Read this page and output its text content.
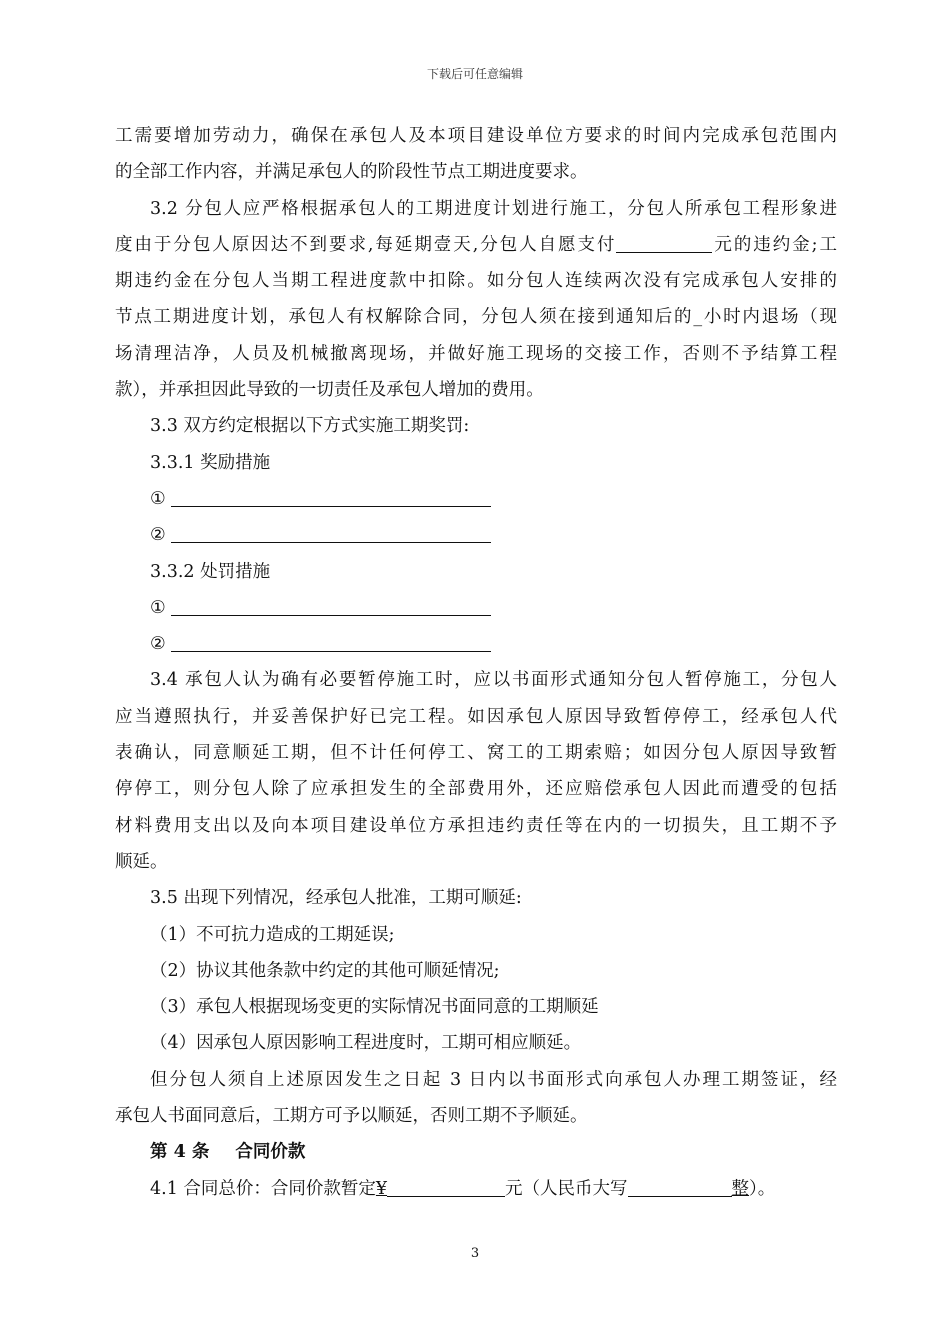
下载后可任意编辑
工需要增加劳动力，确保在承包人及本项目建设单位方要求的时间内完成承包范围内
的全部工作内容，并满足承包人的阶段性节点工期进度要求。
3.2 分包人应严格根据承包人的工期进度计划进行施工，分包人所承包工程形象进
度由于分包人原因达不到要求,每延期壹天,分包人自愿支付	元的违约金;工
期违约金在分包人当期工程进度款中扣除。如分包人连续两次没有完成承包人安排的
节点工期进度计划，承包人有权解除合同，分包人须在接到通知后的_小时内退场（现
场清理洁净，人员及机械撤离现场，并做好施工现场的交接工作，否则不予结算工程
款），并承担因此导致的一切责任及承包人增加的费用。
3.3 双方约定根据以下方式实施工期奖罚:
3.3.1 奖励措施
①
②
3.3.2 处罚措施
①
②
3.4 承包人认为确有必要暂停施工时，应以书面形式通知分包人暂停施工，分包人
应当遵照执行，并妥善保护好已完工程。如因承包人原因导致暂停停工，经承包人代
表确认，同意顺延工期，但不计任何停工、窝工的工期索赔；如因分包人原因导致暂
停停工，则分包人除了应承担发生的全部费用外，还应赔偿承包人因此而遭受的包括
材料费用支出以及向本项目建设单位方承担违约责任等在内的一切损失，且工期不予
顺延。
3.5 出现下列情况，经承包人批准，工期可顺延:
（1）不可抗力造成的工期延误;
（2）协议其他条款中约定的其他可顺延情况;
（3）承包人根据现场变更的实际情况书面同意的工期顺延
（4）因承包人原因影响工程进度时，工期可相应顺延。
但分包人须自上述原因发生之日起 3 日内以书面形式向承包人办理工期签证，经
承包人书面同意后，工期方可予以顺延，否则工期不予顺延。
第 4 条 合同价款
4.1 合同总价：合同价款暂定¥	元（人民币大写	整）。
3
